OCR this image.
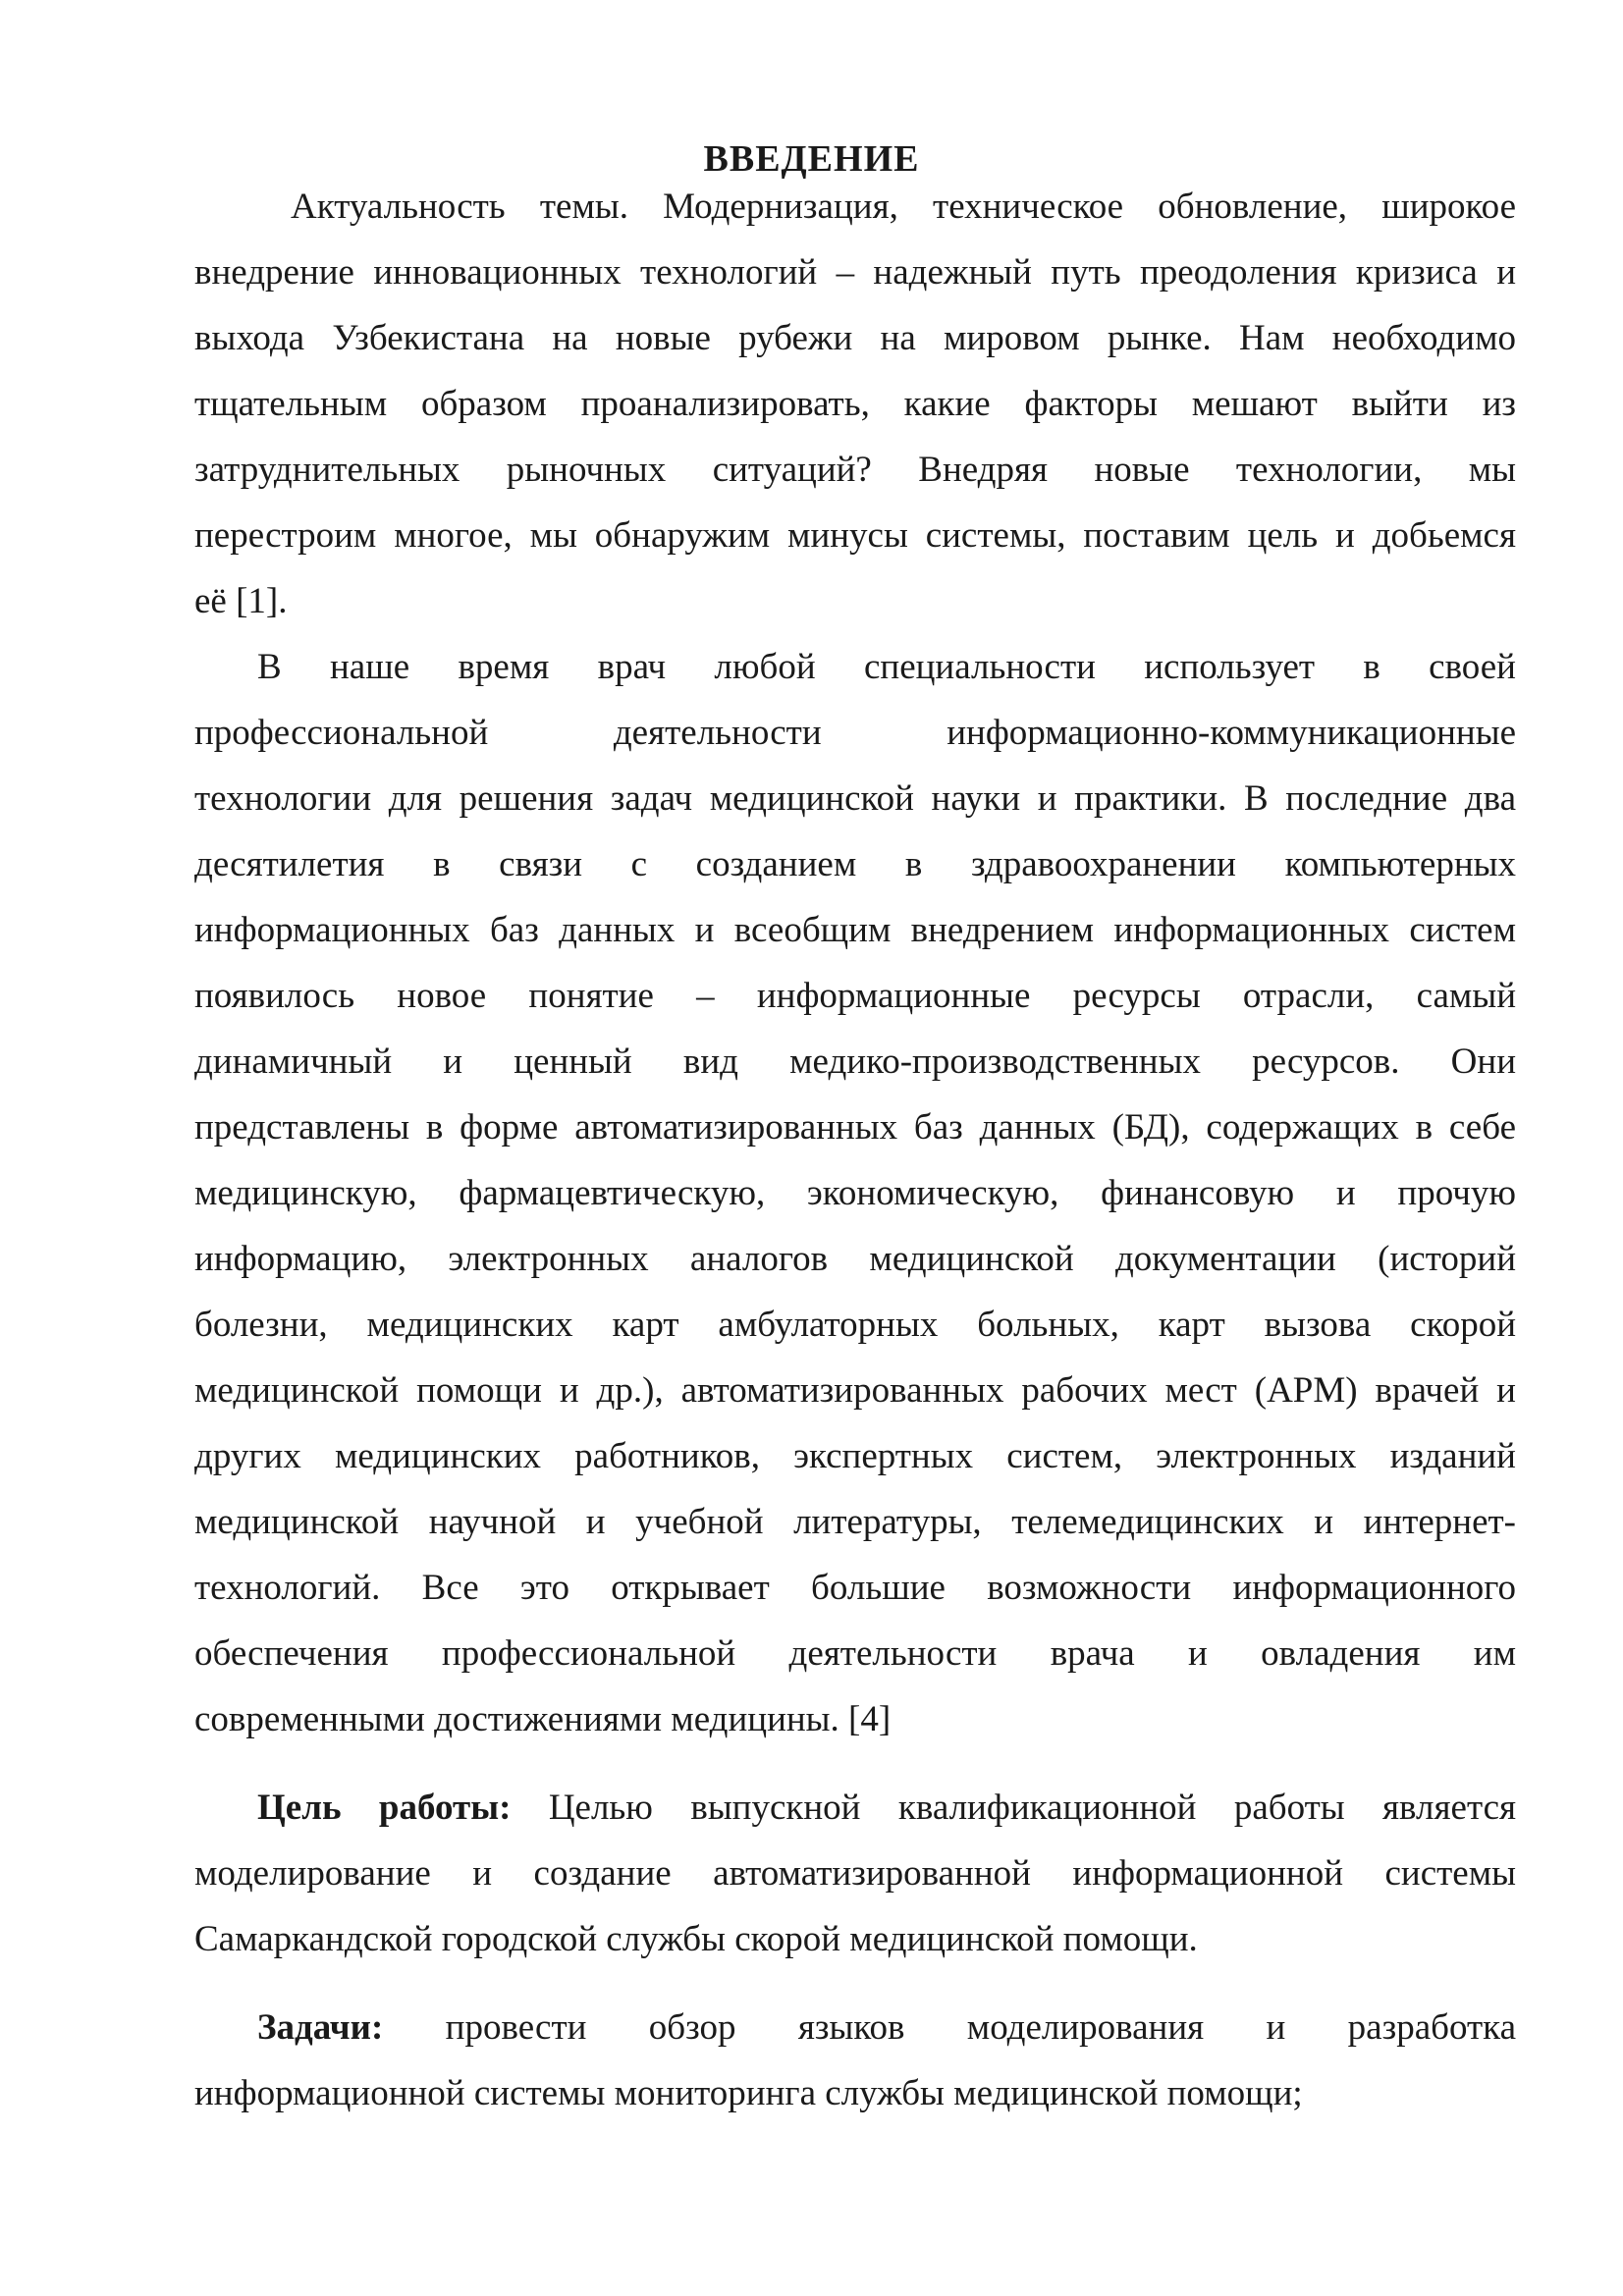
ВВЕДЕНИЕ
Актуальность темы. Модернизация, техническое обновление, широкое
внедрение инновационных технологий – надежный путь преодоления кризиса и
выхода Узбекистана на новые рубежи на мировом рынке. Нам необходимо
тщательным образом проанализировать, какие факторы мешают выйти из
затруднительных рыночных ситуаций? Внедряя новые технологии, мы
перестроим многое, мы обнаружим минусы системы, поставим цель и добьемся
её [1].
В наше время врач любой специальности использует в своей
профессиональной деятельности информационно-коммуникационные
технологии для решения задач медицинской науки и практики. В последние два
десятилетия в связи с созданием в здравоохранении компьютерных
информационных баз данных и всеобщим внедрением информационных систем
появилось новое понятие – информационные ресурсы отрасли, самый
динамичный и ценный вид медико-производственных ресурсов. Они
представлены в форме автоматизированных баз данных (БД), содержащих в себе
медицинскую, фармацевтическую, экономическую, финансовую и прочую
информацию, электронных аналогов медицинской документации (историй
болезни, медицинских карт амбулаторных больных, карт вызова скорой
медицинской помощи и др.), автоматизированных рабочих мест (АРМ) врачей и
других медицинских работников, экспертных систем, электронных изданий
медицинской научной и учебной литературы, телемедицинских и интернет-
технологий. Все это открывает большие возможности информационного
обеспечения профессиональной деятельности врача и овладения им
современными достижениями медицины. [4]
Цель работы: Целью выпускной квалификационной работы является
моделирование и создание автоматизированной информационной системы
Самаркандской городской службы скорой медицинской помощи.
Задачи: провести обзор языков моделирования и разработка
информационной системы мониторинга службы медицинской помощи;
